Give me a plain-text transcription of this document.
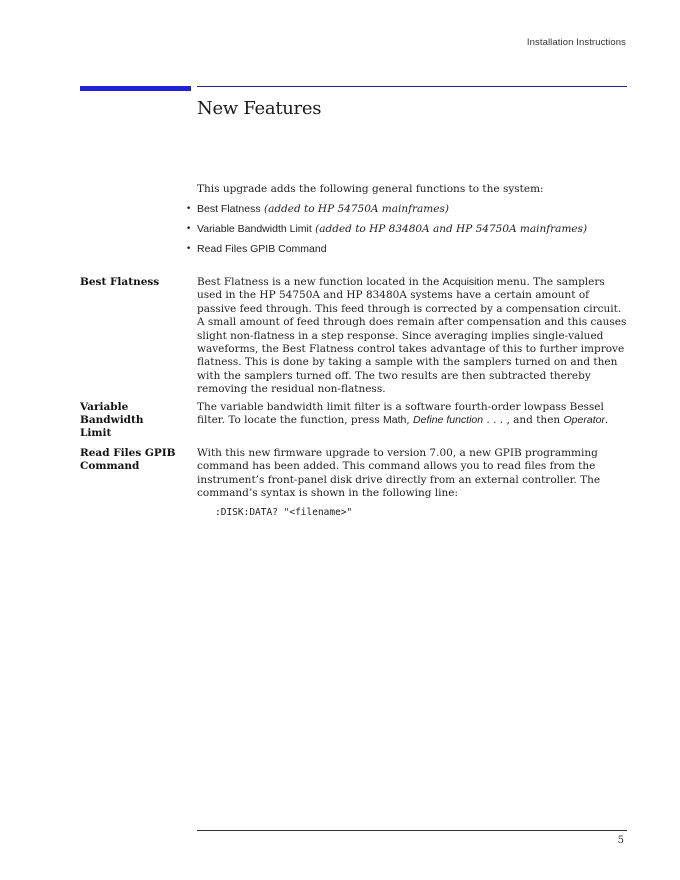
Installation Instructions
New Features

This upgrade adds the following general functions to the system:

• Best Flatness (added to HP 54750A mainframes)
• Variable Bandwidth Limit (added to HP 83480A and HP 54750A mainframes)
• Read Files GPIB Command

Best Flatness	Best Flatness is a new function located in the Acquisition menu. The samplers used in the HP 54750A and HP 83480A systems have a certain amount of passive feed through. This feed through is corrected by a compensation circuit. A small amount of feed through does remain after compensation and this causes slight non-flatness in a step response. Since averaging implies single-valued waveforms, the Best Flatness control takes advantage of this to further improve flatness. This is done by taking a sample with the samplers turned on and then with the samplers turned off. The two results are then subtracted thereby removing the residual non-flatness.

Variable Bandwidth
Limit

The variable bandwidth limit filter is a software fourth-order lowpass Bessel filter. To locate the function, press Math, Define function . . . , and then Operator.

Read Files GPIB
Command

With this new firmware upgrade to version 7.00, a new GPIB programming command has been added. This command allows you to read files from the instrument’s front-panel disk drive directly from an external controller. The command’s syntax is shown in the following line:

:DISK:DATA? "<filename>"

5
